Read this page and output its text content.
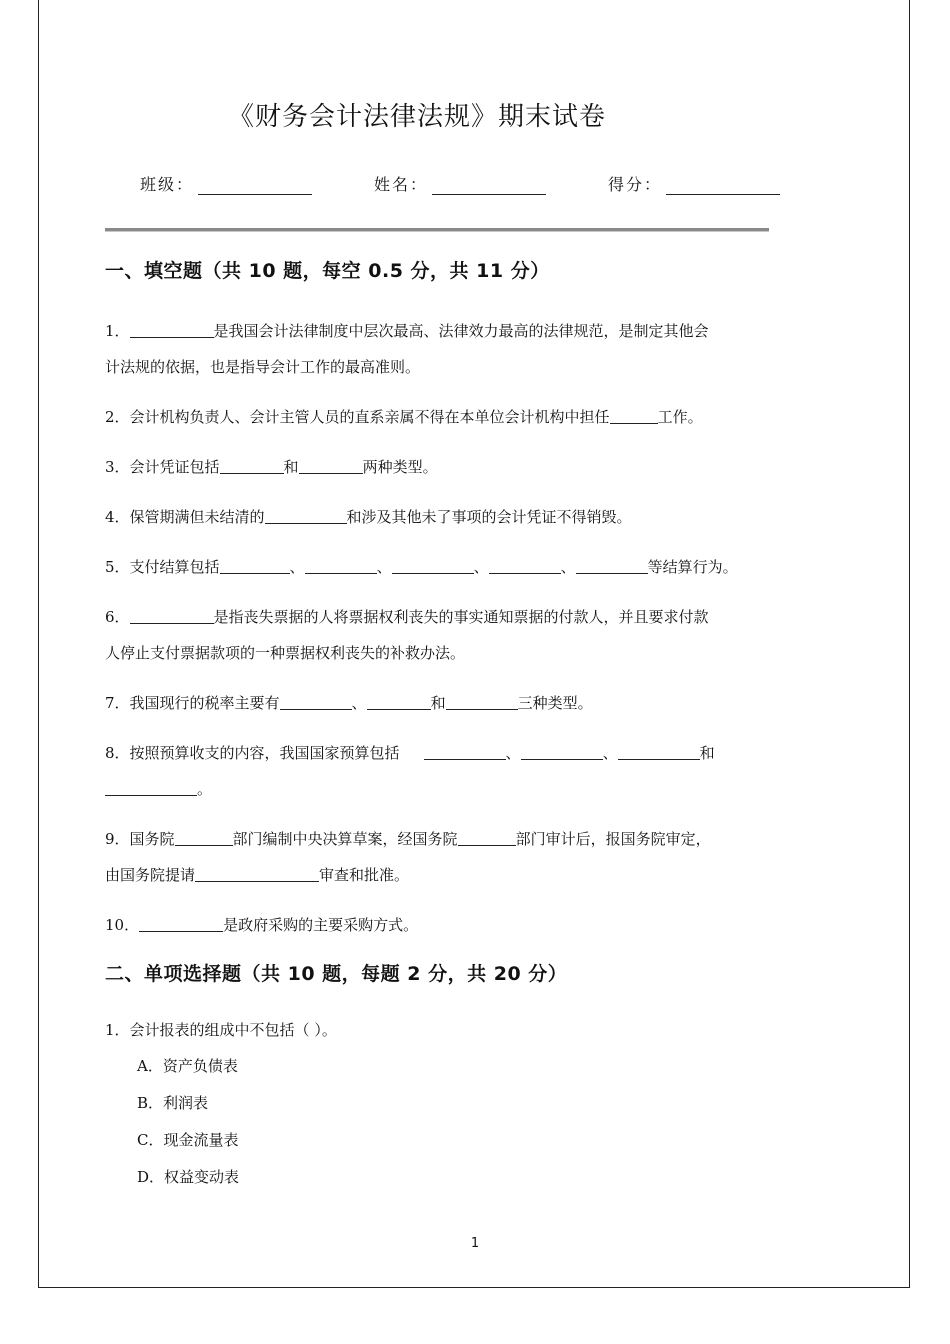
《财务会计法律法规》期末试卷
班级：	姓名：	得分：
一、填空题（共 10 题，每空 0.5 分，共 11 分）

1．	是我国会计法律制度中层次最高、法律效力最高的法律规范，是制定其他会
计法规的依据，也是指导会计工作的最高准则。

2．会计机构负责人、会计主管人员的直系亲属不得在本单位会计机构中担任	工作。

3．会计凭证包括	和	两种类型。

4．保管期满但未结清的	和涉及其他未了事项的会计凭证不得销毁。

5．支付结算包括	、	、	、	、	等结算行为。

6．	是指丧失票据的人将票据权利丧失的事实通知票据的付款人，并且要求付款
人停止支付票据款项的一种票据权利丧失的补救办法。

7．我国现行的税率主要有	、	和	三种类型。

8．按照预算收支的内容，我国国家预算包括	、	、	和
。

9．国务院	部门编制中央决算草案，经国务院	部门审计后，报国务院审定，
由国务院提请	审查和批准。

10．	是政府采购的主要采购方式。

二、单项选择题（共 10 题，每题 2 分，共 20 分）

1．会计报表的组成中不包括（ ）。

A．资产负债表

B．利润表

C．现金流量表

D．权益变动表

1
